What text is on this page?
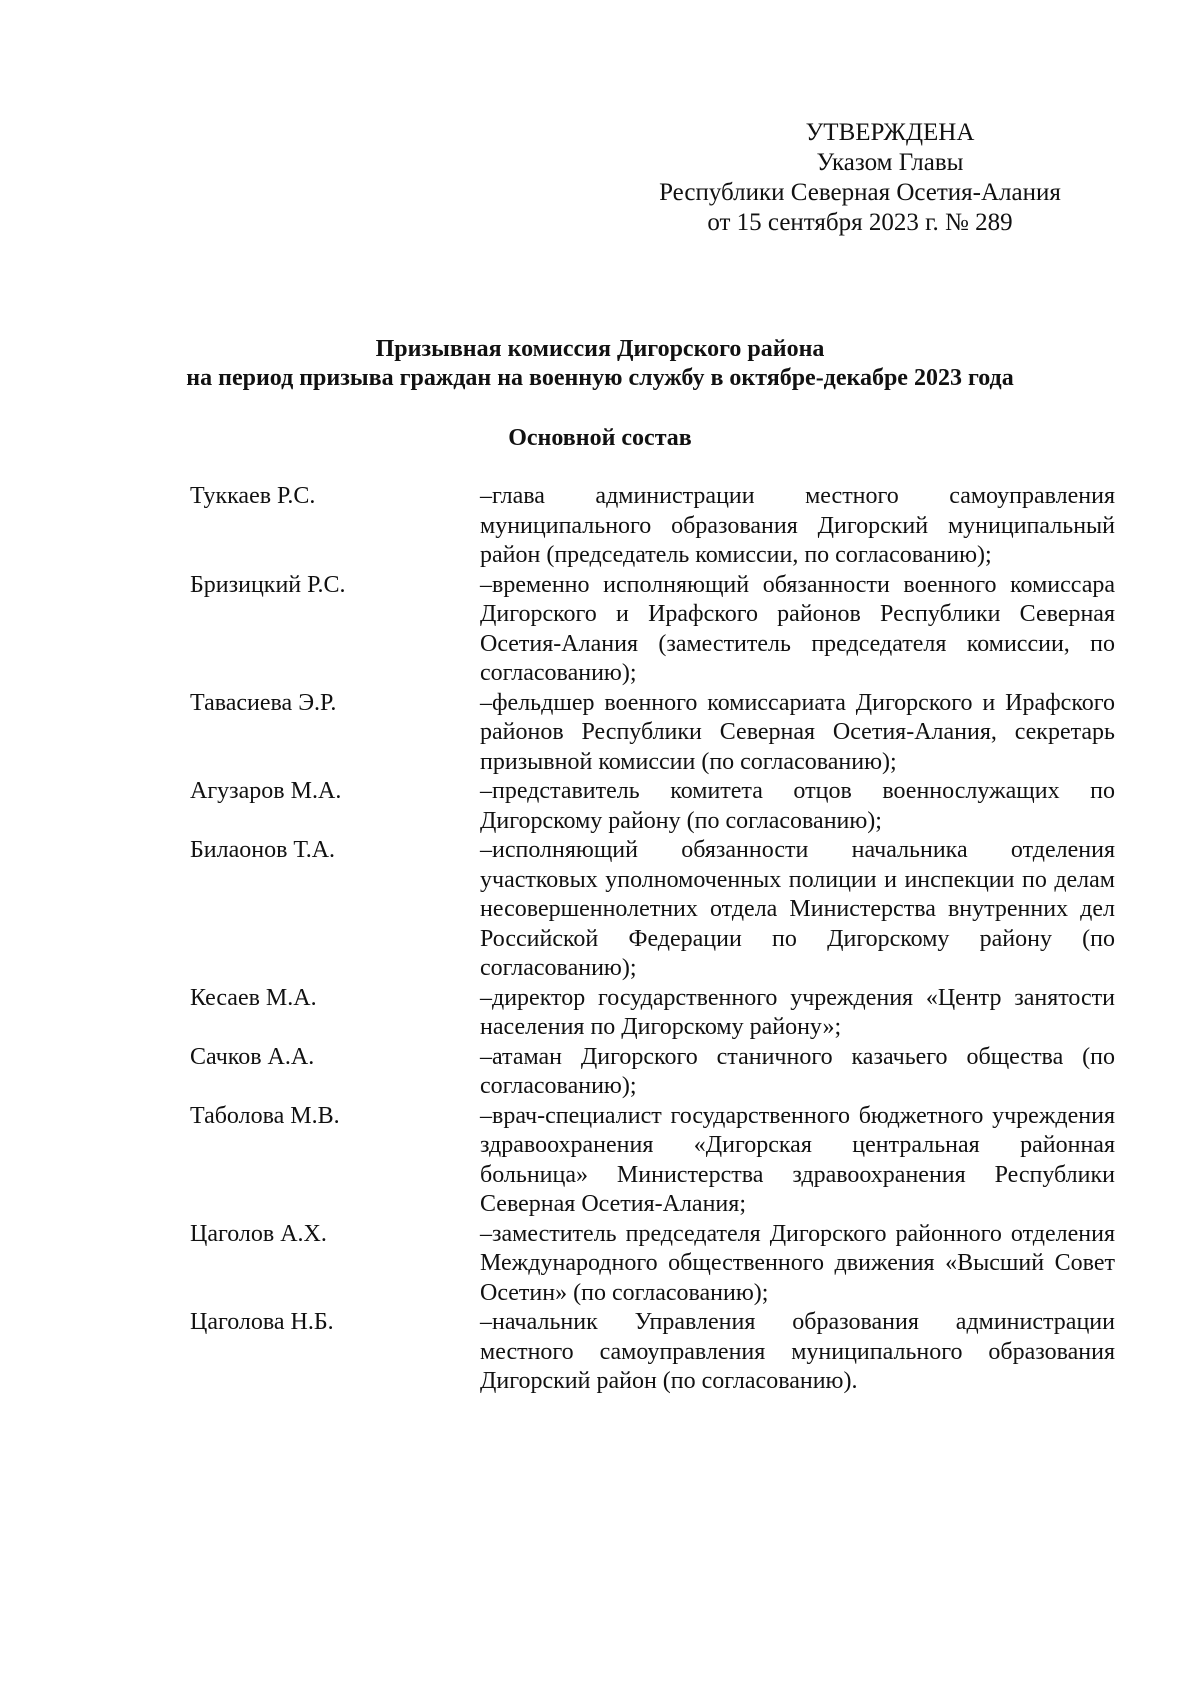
УТВЕРЖДЕНА
Указом Главы
Республики Северная Осетия-Алания
от 15 сентября 2023 г. № 289
Призывная комиссия Дигорского района
на период призыва граждан на военную службу в октябре-декабре 2023 года
Основной состав
Туккаев Р.С.	–глава администрации местного самоуправления муниципального образования Дигорский муниципальный район (председатель комиссии, по согласованию);
Бризицкий Р.С.	–временно исполняющий обязанности военного комиссара Дигорского и Ирафского районов Республики Северная Осетия-Алания (заместитель председателя комиссии, по согласованию);
Тавасиева Э.Р.	–фельдшер военного комиссариата Дигорского и Ирафского районов Республики Северная Осетия-Алания, секретарь призывной комиссии (по согласованию);
Агузаров М.А.	–представитель комитета отцов военнослужащих по Дигорскому району (по согласованию);
Билаонов Т.А.	–исполняющий обязанности начальника отделения участковых уполномоченных полиции и инспекции по делам несовершеннолетних отдела Министерства внутренних дел Российской Федерации по Дигорскому району (по согласованию);
Кесаев М.А.	–директор государственного учреждения «Центр занятости населения по Дигорскому району»;
Сачков А.А.	–атаман Дигорского станичного казачьего общества (по согласованию);
Таболова М.В.	–врач-специалист государственного бюджетного учреждения здравоохранения «Дигорская центральная районная больница» Министерства здравоохранения Республики Северная Осетия-Алания;
Цаголов А.Х.	–заместитель председателя Дигорского районного отделения Международного общественного движения «Высший Совет Осетин» (по согласованию);
Цаголова Н.Б.	–начальник Управления образования администрации местного самоуправления муниципального образования Дигорский район (по согласованию).
